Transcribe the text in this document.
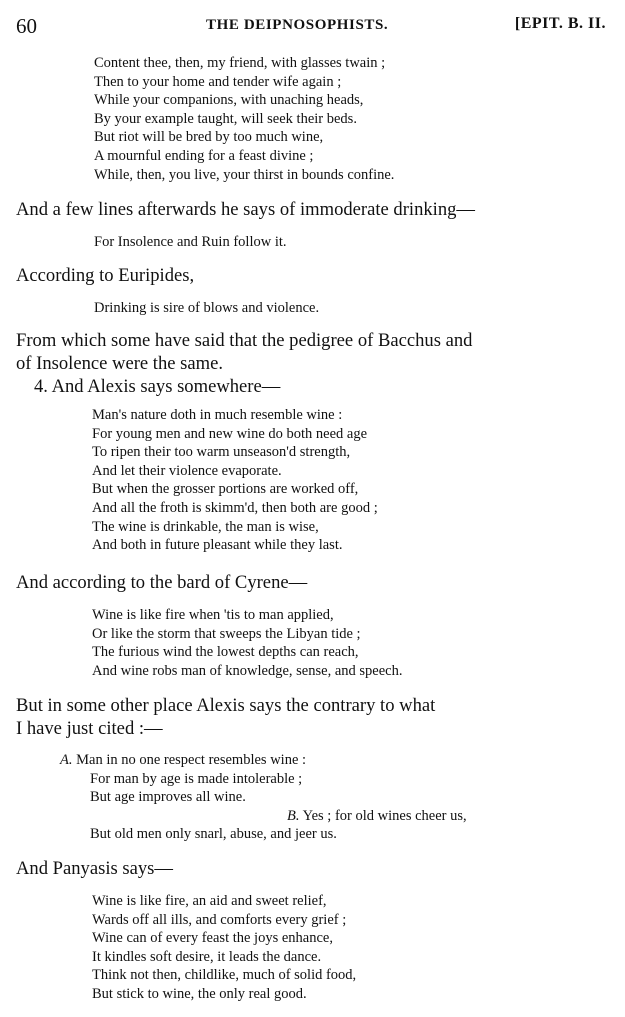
60	THE DEIPNOSOPHISTS.	[EPIT. B. II.
Content thee, then, my friend, with glasses twain ;
Then to your home and tender wife again ;
While your companions, with unaching heads,
By your example taught, will seek their beds.
But riot will be bred by too much wine,
A mournful ending for a feast divine ;
While, then, you live, your thirst in bounds confine.
And a few lines afterwards he says of immoderate drinking—
For Insolence and Ruin follow it.
According to Euripides,
Drinking is sire of blows and violence.
From which some have said that the pedigree of Bacchus and
of Insolence were the same.
4. And Alexis says somewhere—
Man's nature doth in much resemble wine :
For young men and new wine do both need age
To ripen their too warm unseason'd strength,
And let their violence evaporate.
But when the grosser portions are worked off,
And all the froth is skimm'd, then both are good ;
The wine is drinkable, the man is wise,
And both in future pleasant while they last.
And according to the bard of Cyrene—
Wine is like fire when 'tis to man applied,
Or like the storm that sweeps the Libyan tide ;
The furious wind the lowest depths can reach,
And wine robs man of knowledge, sense, and speech.
But in some other place Alexis says the contrary to what
I have just cited :—
A. Man in no one respect resembles wine :
For man by age is made intolerable ;
But age improves all wine.
B. Yes ; for old wines cheer us,
But old men only snarl, abuse, and jeer us.
And Panyasis says—
Wine is like fire, an aid and sweet relief,
Wards off all ills, and comforts every grief ;
Wine can of every feast the joys enhance,
It kindles soft desire, it leads the dance.
Think not then, childlike, much of solid food,
But stick to wine, the only real good.
